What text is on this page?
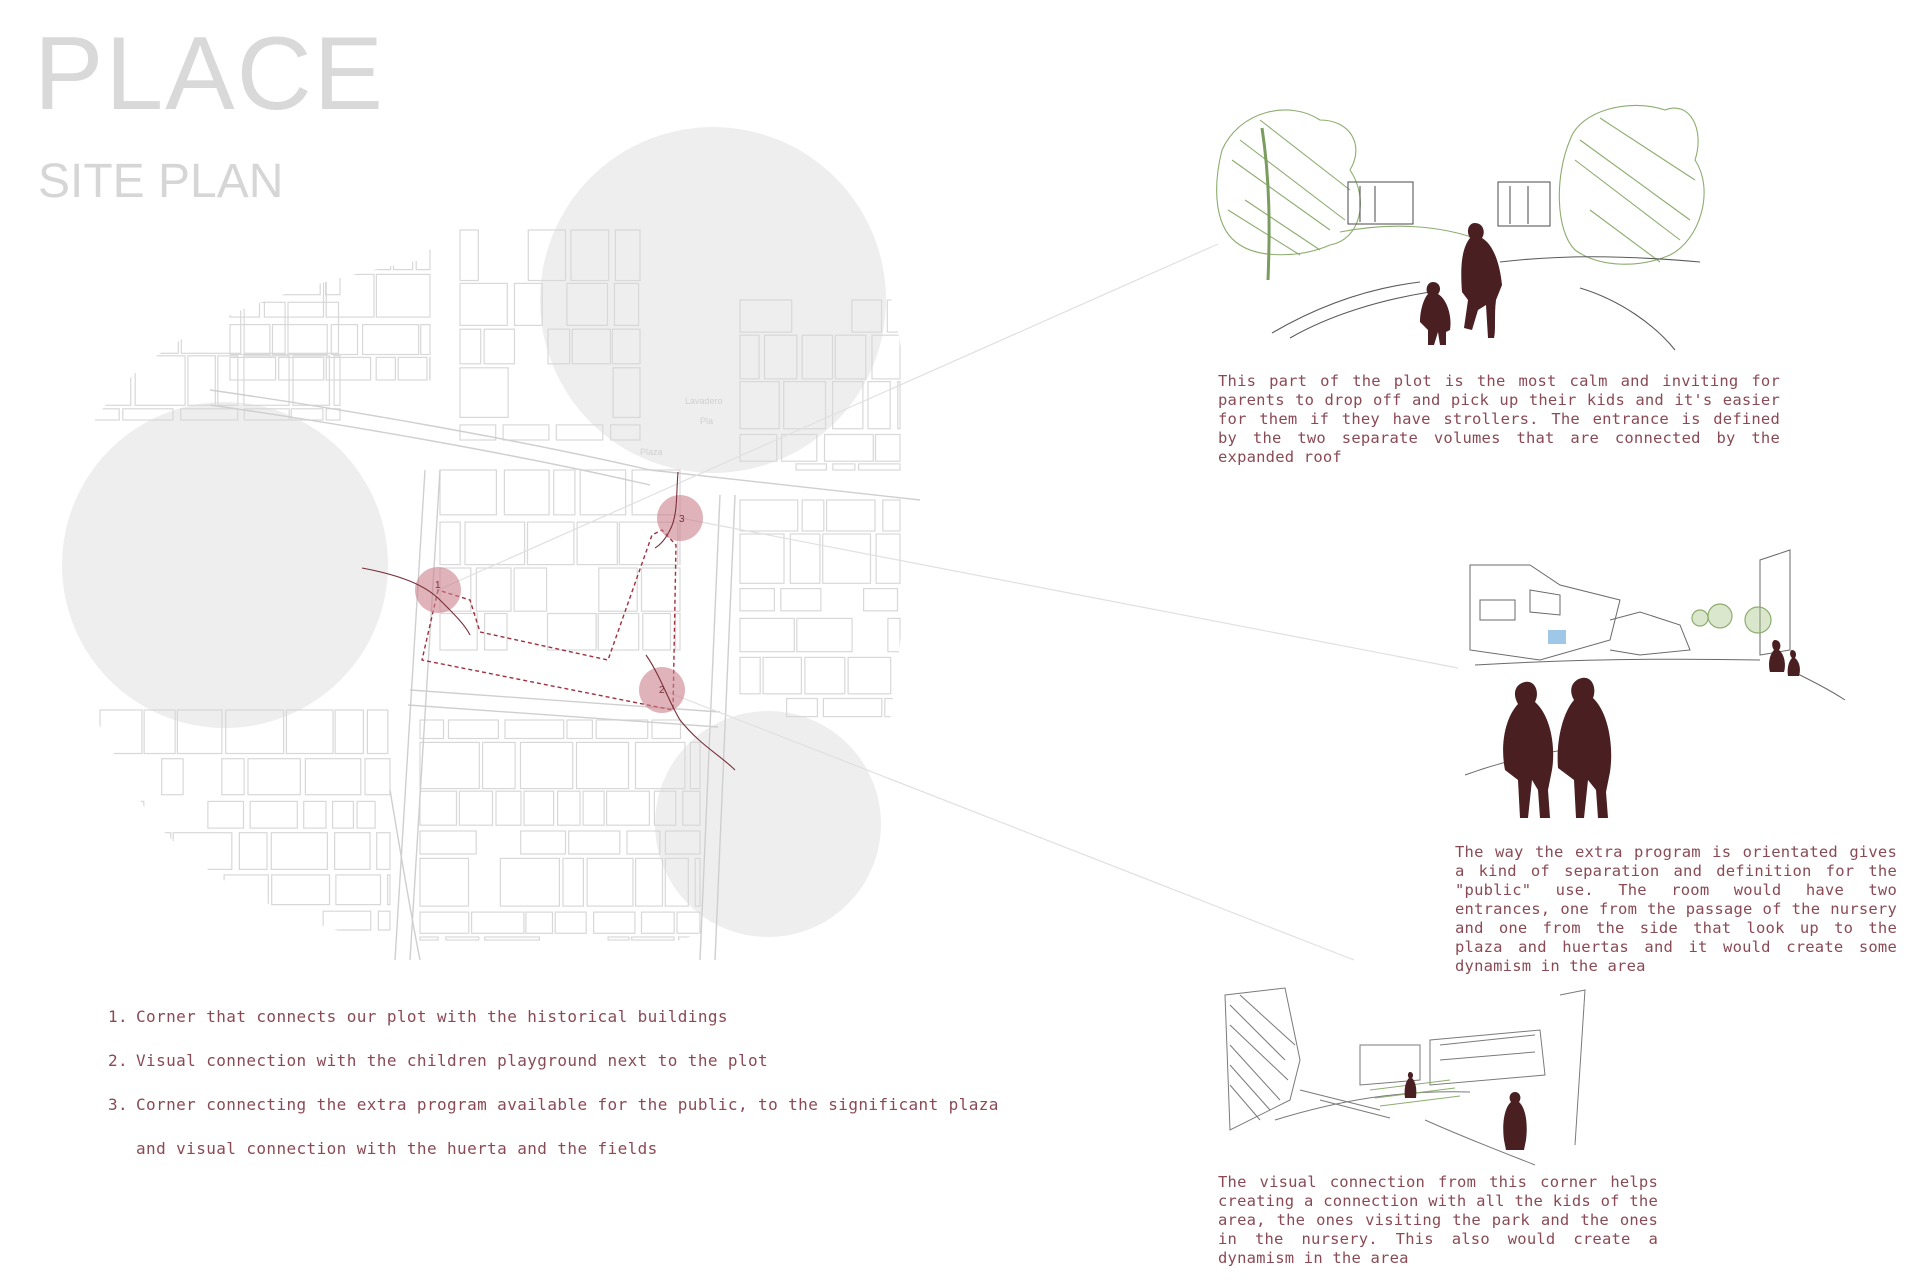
PLACE
SITE PLAN
Lavadero
Plaza
Pla
1
2
3
This part of the plot is the most calm and inviting for parents to drop off and pick up their kids and it's easier for them if they have strollers. The entrance is defined by the two separate volumes that are connected by the expanded roof
The way the extra program is orientated gives a kind of separation and definition for the "public" use. The room would have two entrances, one from the passage of the nursery and one from the side that look up to the plaza and huertas and it would create some dynamism in the area
The visual connection from this corner helps creating a connection with all the kids of the area, the ones visiting the park and the ones in the nursery. This also would create a dynamism in the area
1. Corner that connects our plot with the historical buildings
2. Visual connection with the children playground next to the plot
3. Corner connecting the extra program available for the public, to the significant plaza and visual connection with the huerta and the fields
